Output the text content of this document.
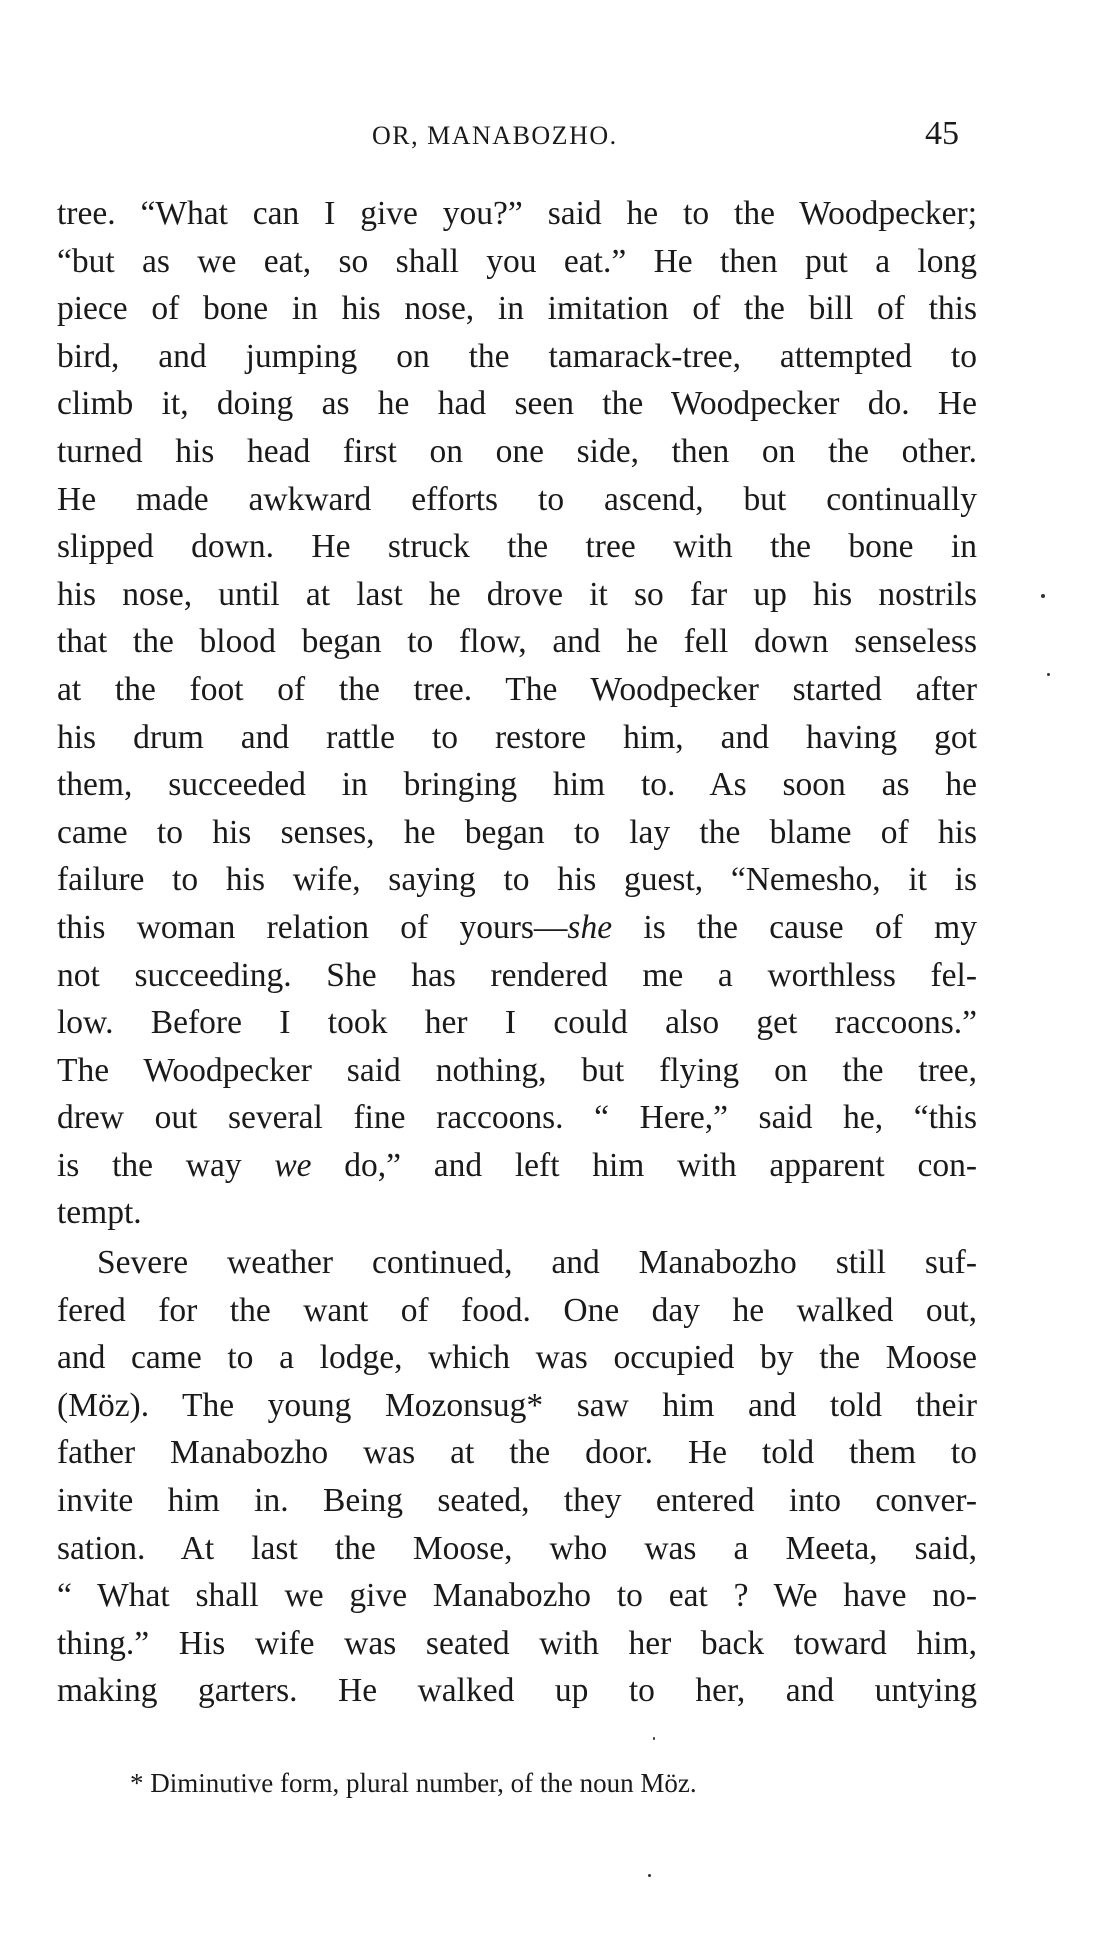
OR, MANABOZHO.	45
tree. “What can I give you?” said he to the Woodpecker;
“but as we eat, so shall you eat.” He then put a long
piece of bone in his nose, in imitation of the bill of this
bird, and jumping on the tamarack-tree, attempted to
climb it, doing as he had seen the Woodpecker do. He
turned his head first on one side, then on the other.
He made awkward efforts to ascend, but continually
slipped down. He struck the tree with the bone in
his nose, until at last he drove it so far up his nostrils
that the blood began to flow, and he fell down senseless
at the foot of the tree. The Woodpecker started after
his drum and rattle to restore him, and having got
them, succeeded in bringing him to. As soon as he
came to his senses, he began to lay the blame of his
failure to his wife, saying to his guest, “Nemesho, it is
this woman relation of yours—she is the cause of my
not succeeding. She has rendered me a worthless fel-
low. Before I took her I could also get raccoons.”
The Woodpecker said nothing, but flying on the tree,
drew out several fine raccoons. “ Here,” said he, “this
is the way we do,” and left him with apparent con-
tempt.
Severe weather continued, and Manabozho still suf-
fered for the want of food. One day he walked out,
and came to a lodge, which was occupied by the Moose
(Möz). The young Mozonsug* saw him and told their
father Manabozho was at the door. He told them to
invite him in. Being seated, they entered into conver-
sation. At last the Moose, who was a Meeta, said,
“ What shall we give Manabozho to eat ? We have no-
thing.” His wife was seated with her back toward him,
making garters. He walked up to her, and untying
* Diminutive form, plural number, of the noun Möz.
